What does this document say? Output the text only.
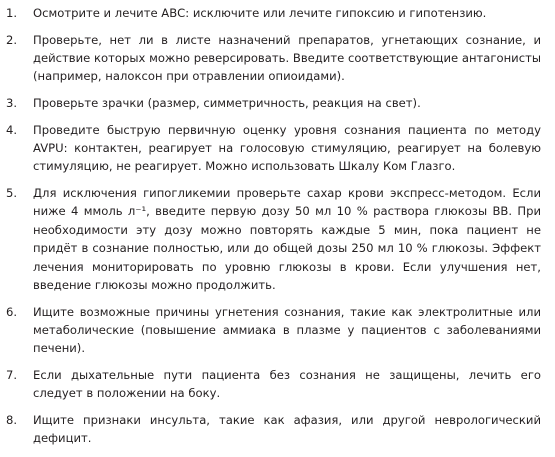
1.	Осмотрите и лечите АВС: исключите или лечите гипоксию и гипотензию.
2.	Проверьте, нет ли в листе назначений препаратов, угнетающих сознание, и действие которых можно реверсировать. Введите соответствующие антагонисты (например, налоксон при отравлении опиоидами).
3.	Проверьте зрачки (размер, симметричность, реакция на свет).
4.	Проведите быструю первичную оценку уровня сознания пациента по методу AVPU: контактен, реагирует на голосовую стимуляцию, реагирует на болевую стимуляцию, не реагирует. Можно использовать Шкалу Ком Глазго.
5.	Для исключения гипогликемии проверьте сахар крови экспресс-методом. Если ниже 4 ммоль л⁻¹, введите первую дозу 50 мл 10 % раствора глюкозы ВВ. При необходимости эту дозу можно повторять каждые 5 мин, пока пациент не придёт в сознание полностью, или до общей дозы 250 мл 10 % глюкозы. Эффект лечения мониторировать по уровню глюкозы в крови. Если улучшения нет, введение глюкозы можно продолжить.
6.	Ищите возможные причины угнетения сознания, такие как электролитные или метаболические (повышение аммиака в плазме у пациентов с заболеваниями печени).
7.	Если дыхательные пути пациента без сознания не защищены, лечить его следует в положении на боку.
8.	Ищите признаки инсульта, такие как афазия, или другой неврологический дефицит.
